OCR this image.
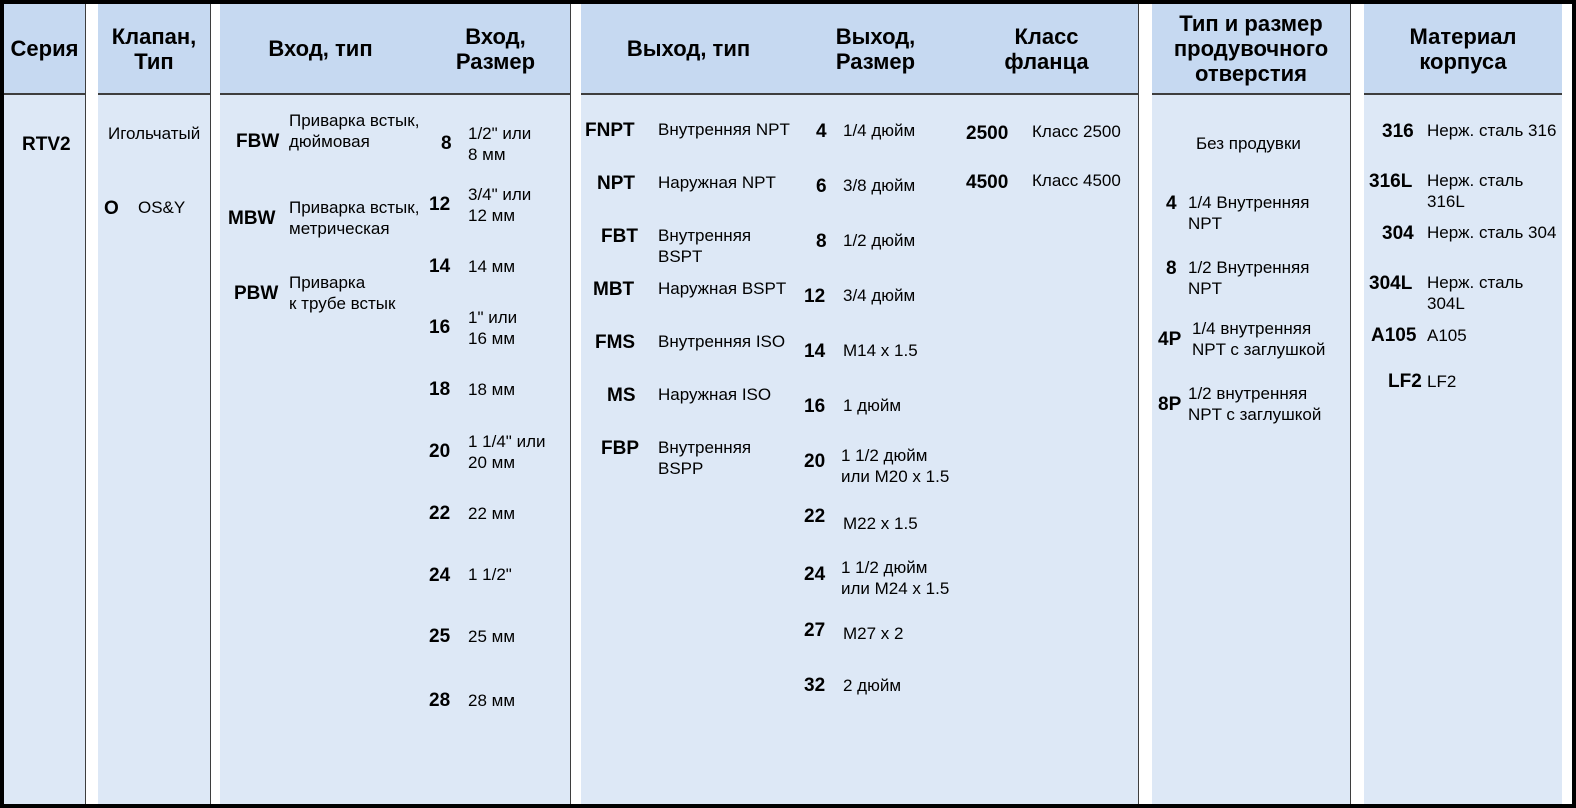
Серия
RTV2
Клапан,
Тип
Игольчатый
O OS&Y
Вход, тип
FBW
Приварка встык,
дюймовая
MBW
Приварка встык,
метрическая
PBW
Приварка
к трубе встык
Вход,
Размер
8 1/2" или
8 мм
12 3/4" или
12 мм
14 14 мм
16 1" или
16 мм
18 18 мм
20 1 1/4" или
20 мм
22 22 мм
24 1 1/2"
25 25 мм
28 28 мм
Выход, тип
FNPT Внутренняя NPT
NPT Наружная NPT
FBT Внутренняя BSPT
MBT Наружная BSPT
FMS Внутренняя ISO
MS Наружная ISO
FBP Внутренняя BSPP
Выход,
Размер
4 1/4 дюйм
6 3/8 дюйм
8 1/2 дюйм
12 3/4 дюйм
14 M14 x 1.5
16 1 дюйм
20 1 1/2 дюйм
или M20 x 1.5
22 M22 x 1.5
24 1 1/2 дюйм
или M24 x 1.5
27 M27 x 2
32 2 дюйм
Класс
фланца
2500 Класс 2500
4500 Класс 4500
Тип и размер
продувочного
отверстия
Без продувки
4 1/4 Внутренняя
NPT
8 1/2 Внутренняя
NPT
4P
1/4 внутренняя
NPT с заглушкой
8P
1/2 внутренняя
NPT с заглушкой
Материал
корпуса
316 Нерж. сталь 316
316L Нерж. сталь 316L
304 Нерж. сталь 304
304L Нерж. сталь 304L
A105 A105
LF2 LF2
